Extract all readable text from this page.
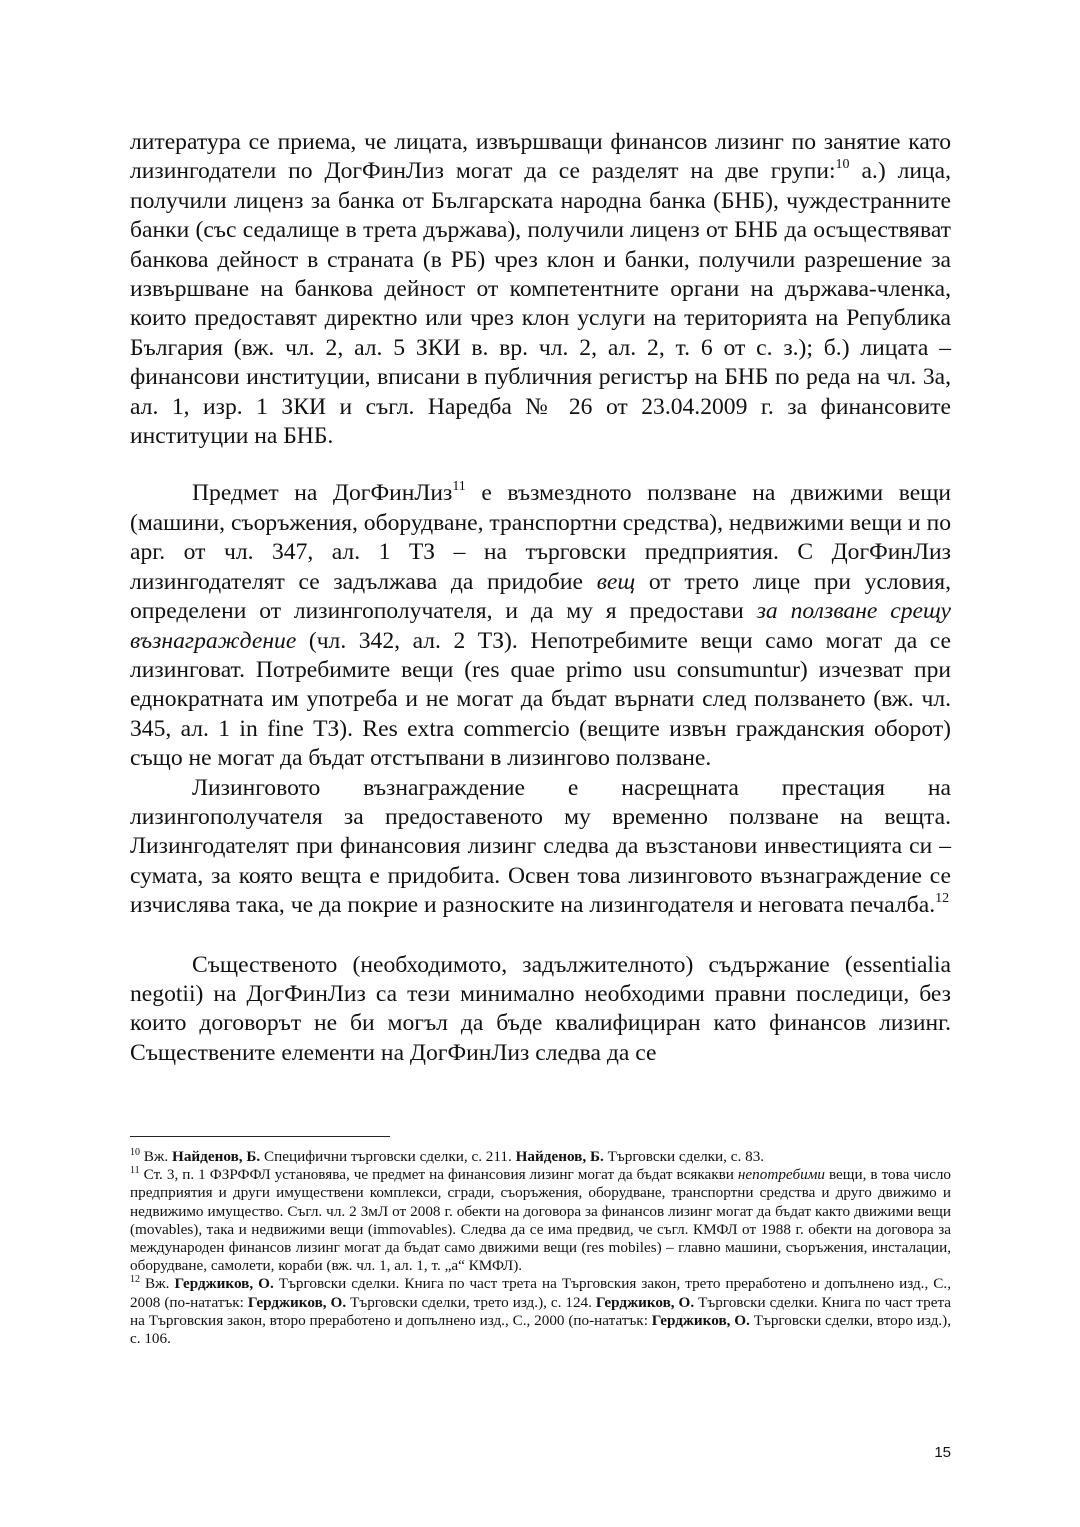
литература се приема, че лицата, извършващи финансов лизинг по занятие като лизингодатели по ДогФинЛиз могат да се разделят на две групи:$^{10}$ а.) лица, получили лиценз за банка от Българската народна банка (БНБ), чуждестранните банки (със седалище в трета държава), получили лиценз от БНБ да осъществяват банкова дейност в страната (в РБ) чрез клон и банки, получили разрешение за извършване на банкова дейност от компетентните органи на държава-членка, които предоставят директно или чрез клон услуги на територията на Република България (вж. чл. 2, ал. 5 ЗКИ в. вр. чл. 2, ал. 2, т. 6 от с. з.); б.) лицата – финансови институции, вписани в публичния регистър на БНБ по реда на чл. 3а, ал. 1, изр. 1 ЗКИ и съгл. Наредба № 26 от 23.04.2009 г. за финансовите институции на БНБ.

Предмет на ДогФинЛиз$^{11}$ е възмездното ползване на движими вещи (машини, съоръжения, оборудване, транспортни средства), недвижими вещи и по арг. от чл. 347, ал. 1 ТЗ – на търговски предприятия. С ДогФинЛиз лизингодателят се задължава да придобие вещ от трето лице при условия, определени от лизингополучателя, и да му я предостави за ползване срещу възнаграждение (чл. 342, ал. 2 ТЗ). Непотребимите вещи само могат да се лизинговат. Потребимите вещи (res quae primo usu consumuntur) изчезват при еднократната им употреба и не могат да бъдат върнати след ползването (вж. чл. 345, ал. 1 in fine ТЗ). Res extra commercio (вещите извън гражданския оборот) също не могат да бъдат отстъпвани в лизингово ползване.

Лизинговото възнаграждение е насрещната престация на лизингополучателя за предоставеното му временно ползване на вещта. Лизингодателят при финансовия лизинг следва да възстанови инвестицията си – сумата, за която вещта е придобита. Освен това лизинговото възнаграждение се изчислява така, че да покрие и разноските на лизингодателя и неговата печалба.$^{12}$

Същественото (необходимото, задължителното) съдържание (essentialia negotii) на ДогФинЛиз са тези минимално необходими правни последици, без които договорът не би могъл да бъде квалифициран като финансов лизинг. Съществените елементи на ДогФинЛиз следва да се

$^{10}$ Вж. Найденов, Б. Специфични търговски сделки, с. 211. Найденов, Б. Търговски сделки, с. 83.

$^{11}$ Ст. 3, п. 1 ФЗРФФЛ установява, че предмет на финансовия лизинг могат да бъдат всякакви непотребими вещи, в това число предприятия и други имуществени комплекси, сгради, съоръжения, оборудване, транспортни средства и друго движимо и недвижимо имущество. Съгл. чл. 2 ЗмЛ от 2008 г. обекти на договора за финансов лизинг могат да бъдат както движими вещи (movables), така и недвижими вещи (immovables). Следва да се има предвид, че съгл. КМФЛ от 1988 г. обекти на договора за международен финансов лизинг могат да бъдат само движими вещи (res mobiles) – главно машини, съоръжения, инсталации, оборудване, самолети, кораби (вж. чл. 1, ал. 1, т. „а“ КМФЛ).

$^{12}$ Вж. Герджиков, О. Търговски сделки. Книга по част трета на Търговския закон, трето преработено и допълнено изд., С., 2008 (по-нататък: Герджиков, О. Търговски сделки, трето изд.), с. 124. Герджиков, О. Търговски сделки. Книга по част трета на Търговския закон, второ преработено и допълнено изд., С., 2000 (по-нататък: Герджиков, О. Търговски сделки, второ изд.), с. 106.

15
